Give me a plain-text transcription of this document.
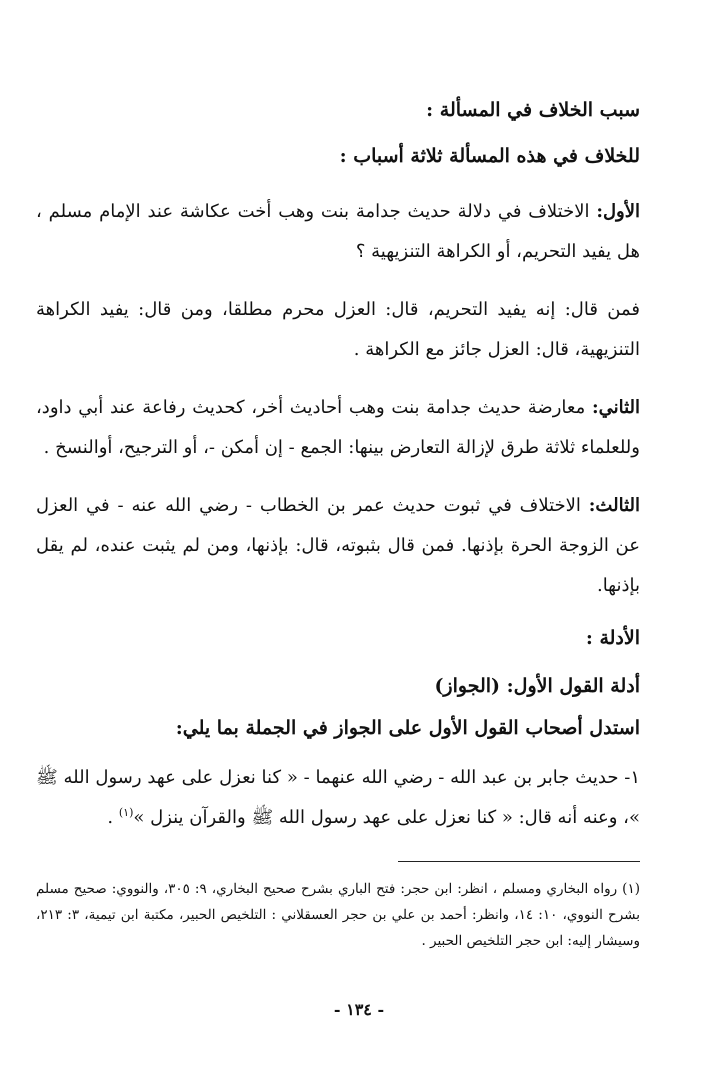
سبب الخلاف في المسألة :

للخلاف في هذه المسألة ثلاثة أسباب :

الأول: الاختلاف في دلالة حديث جدامة بنت وهب أخت عكاشة عند الإمام مسلم ، هل يفيد التحريم، أو الكراهة التنزيهية ؟

فمن قال: إنه يفيد التحريم، قال: العزل محرم مطلقا، ومن قال: يفيد الكراهة التنزيهية، قال: العزل جائز مع الكراهة .

الثاني: معارضة حديث جدامة بنت وهب أحاديث أخر، كحديث رفاعة عند أبي داود، وللعلماء ثلاثة طرق لإزالة التعارض بينها: الجمع - إن أمكن -، أو الترجيح، أوالنسخ .

الثالث: الاختلاف في ثبوت حديث عمر بن الخطاب - رضي الله عنه - في العزل عن الزوجة الحرة بإذنها. فمن قال بثبوته، قال: بإذنها، ومن لم يثبت عنده، لم يقل بإذنها.

الأدلة :

أدلة القول الأول: (الجواز)

استدل أصحاب القول الأول على الجواز في الجملة بما يلي:

١- حديث جابر بن عبد الله - رضي الله عنهما - « كنا نعزل على عهد رسول الله ﷺ »، وعنه أنه قال: « كنا نعزل على عهد رسول الله ﷺ والقرآن ينزل »$^{(١)}$ .

(١) رواه البخاري ومسلم ، انظر: ابن حجر: فتح الباري بشرح صحيح البخاري، ٩: ٣٠٥، والنووي: صحيح مسلم بشرح النووي، ١٠: ١٤، وانظر: أحمد بن علي بن حجر العسقلاني : التلخيص الحبير، مكتبة ابن تيمية، ٣: ٢١٣، وسيشار إليه: ابن حجر التلخيص الحبير .

- ١٣٤ -
